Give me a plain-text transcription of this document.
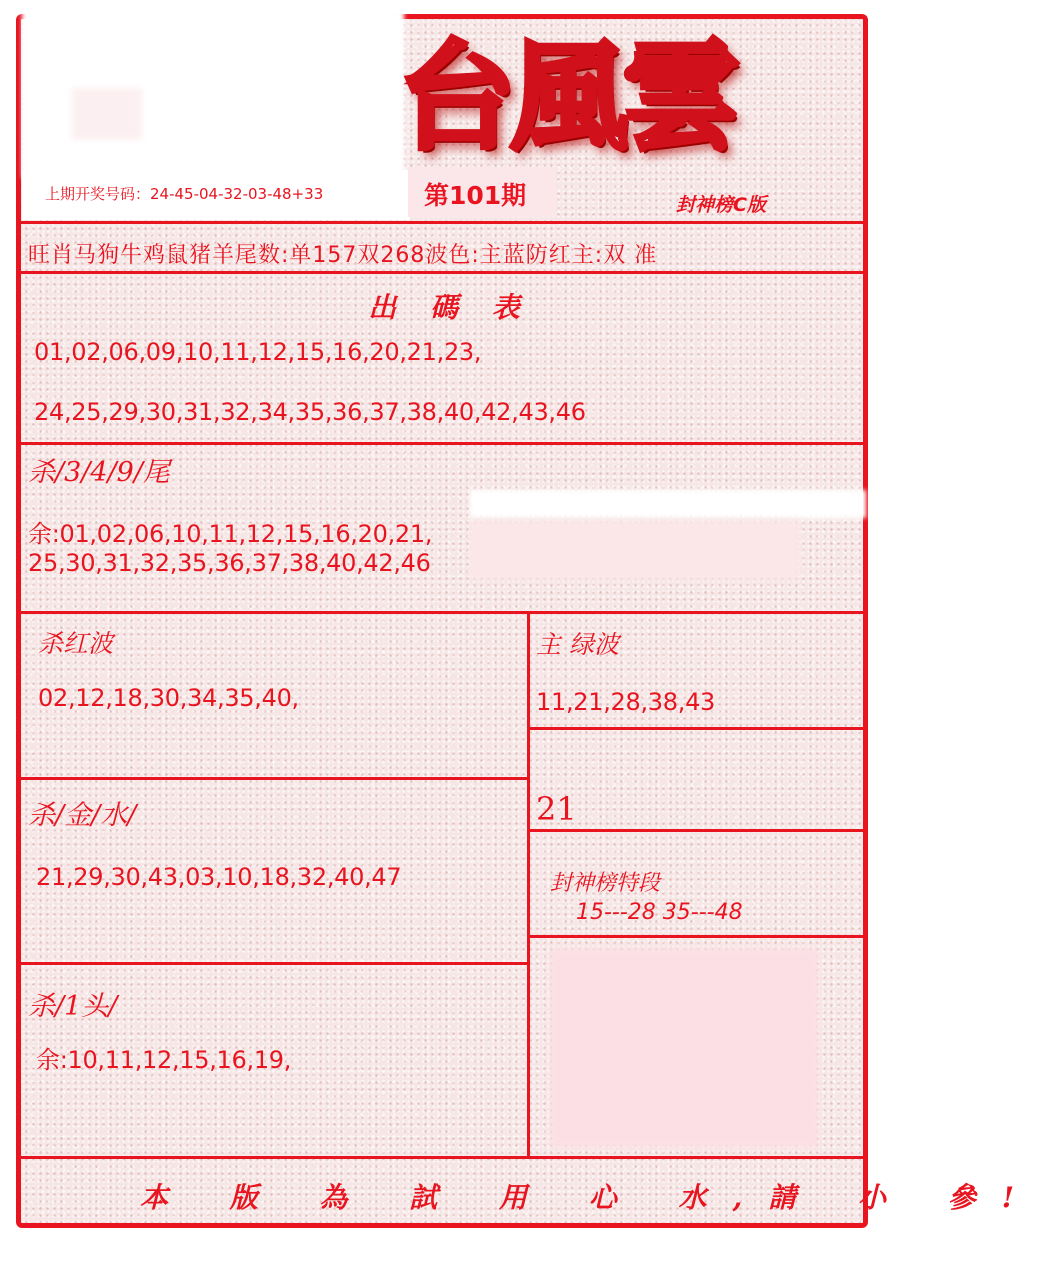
台風雲
封神榜C版
上期开奖号码：24-45-04-32-03-48+33	第101期
旺肖马狗牛鸡鼠猪羊尾数:单157双268波色:主蓝防红主:双 准
出 碼 表
01,02,06,09,10,11,12,15,16,20,21,23,
24,25,29,30,31,32,34,35,36,37,38,40,42,43,46
杀/3/4/9/尾
余:01,02,06,10,11,12,15,16,20,21,
25,30,31,32,35,36,37,38,40,42,46
杀红波
02,12,18,30,34,35,40,
主 绿波
11,21,28,38,43
21
杀/金/水/
21,29,30,43,03,10,18,32,40,47	封神榜特段
15---28 35---48
杀/1头/
余:10,11,12,15,16,19,
本 版 為 試 用 心 水,請 小 參!
